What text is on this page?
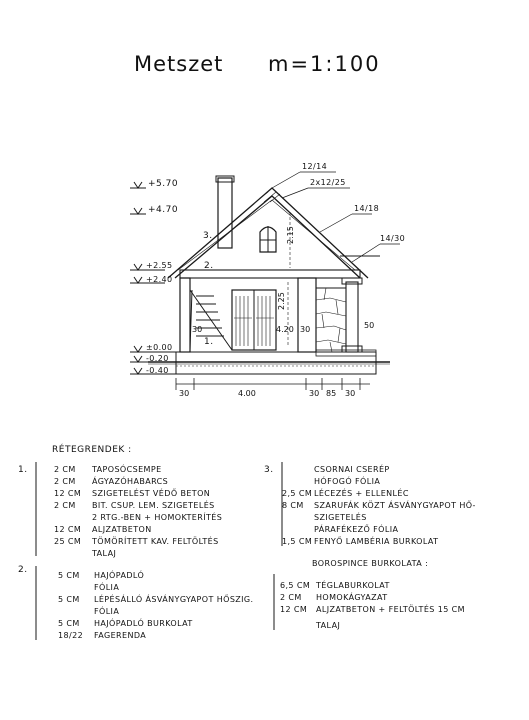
Metszet m=1:100
+5.70
+4.70
+2.55
+2.40
±0.00
-0.20
-0.40
12/14
2x12/25
14/18
14/30
3.
2.
1.
2.15
2.25
4.20
30	50
30
30	4.00	30 85 30
RÉTEGRENDEK :
1.	2 CM TAPOSÓCSEMPE
2 CM ÁGYAZÓHABARCS
12 CM SZIGETELÉST VÉDŐ BETON
2 CM BIT. CSUP. LEM. SZIGETELÉS
2 RTG.-BEN + HOMOKTERÍTÉS
12 CM ALJZATBETON
25 CM TÖMÖRÍTETT KAV. FELTÖLTÉS
TALAJ
2.
5 CM HAJÓPADLÓ
FÓLIA
5 CM LÉPÉSÁLLÓ ÁSVÁNYGYAPOT HŐSZIG.
FÓLIA
5 CM HAJÓPADLÓ BURKOLAT
18/22 FAGERENDA
3.	CSORNAI CSERÉP
HÓFOGÓ FÓLIA
2,5 CM LÉCEZÉS + ELLENLÉC
8 CM SZARUFÁK KÖZT ÁSVÁNYGYAPOT HŐ-
SZIGETELÉS
PÁRAFÉKEZŐ FÓLIA
1,5 CM FENYŐ LAMBÉRIA BURKOLAT
BOROSPINCE BURKOLATA :
6,5 CM TÉGLABURKOLAT
2 CM HOMOKÁGYAZAT
12 CM ALJZATBETON + FELTÖLTÉS 15 CM
TALAJ
